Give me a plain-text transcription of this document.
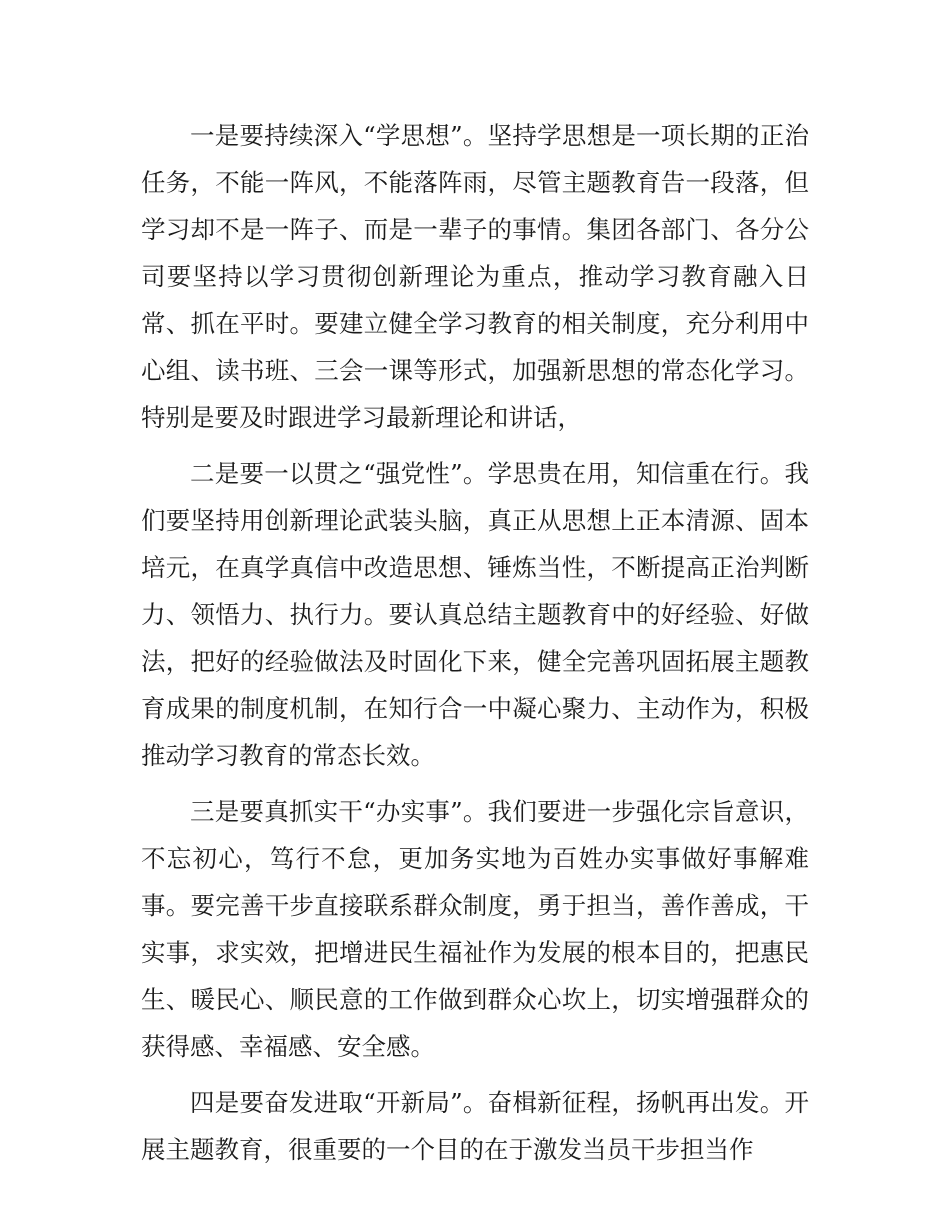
一是要持续深入“学思想”。坚持学思想是一项长期的正治任务，不能一阵风，不能落阵雨，尽管主题教育告一段落，但学习却不是一阵子、而是一辈子的事情。集团各部门、各分公司要坚持以学习贯彻创新理论为重点，推动学习教育融入日常、抓在平时。要建立健全学习教育的相关制度，充分利用中心组、读书班、三会一课等形式，加强新思想的常态化学习。特别是要及时跟进学习最新理论和讲话，

二是要一以贯之“强党性”。学思贵在用，知信重在行。我们要坚持用创新理论武装头脑，真正从思想上正本清源、固本培元，在真学真信中改造思想、锤炼当性，不断提高正治判断力、领悟力、执行力。要认真总结主题教育中的好经验、好做法，把好的经验做法及时固化下来，健全完善巩固拓展主题教育成果的制度机制，在知行合一中凝心聚力、主动作为，积极推动学习教育的常态长效。

三是要真抓实干“办实事”。我们要进一步强化宗旨意识，不忘初心，笃行不怠，更加务实地为百姓办实事做好事解难事。要完善干步直接联系群众制度，勇于担当，善作善成，干实事，求实效，把增进民生福祉作为发展的根本目的，把惠民生、暖民心、顺民意的工作做到群众心坎上，切实增强群众的获得感、幸福感、安全感。

四是要奋发进取“开新局”。奋楫新征程，扬帆再出发。开展主题教育，很重要的一个目的在于激发当员干步担当作
